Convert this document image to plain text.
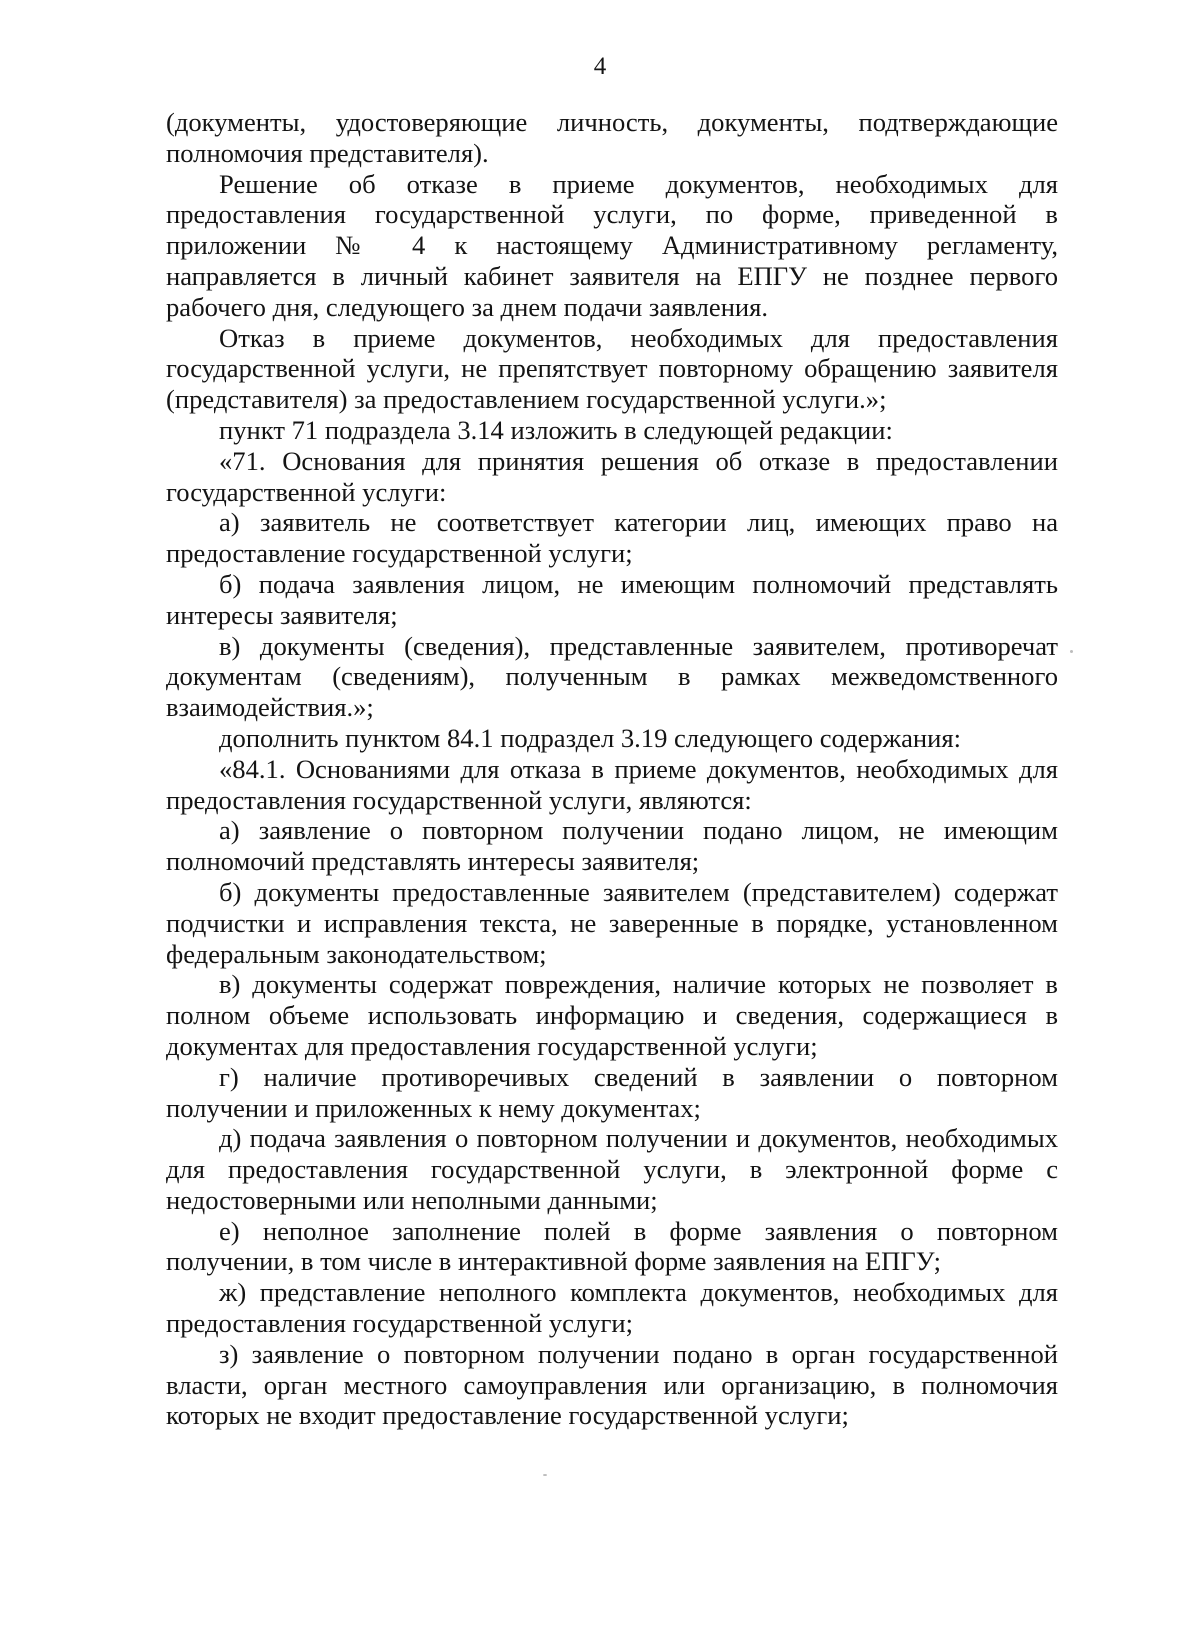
4

(документы, удостоверяющие личность, документы, подтверждающие полномочия представителя).

Решение об отказе в приеме документов, необходимых для предоставления государственной услуги, по форме, приведенной в приложении № 4 к настоящему Административному регламенту, направляется в личный кабинет заявителя на ЕПГУ не позднее первого рабочего дня, следующего за днем подачи заявления.

Отказ в приеме документов, необходимых для предоставления государственной услуги, не препятствует повторному обращению заявителя (представителя) за предоставлением государственной услуги.»;

пункт 71 подраздела 3.14 изложить в следующей редакции:

«71. Основания для принятия решения об отказе в предоставлении государственной услуги:

а) заявитель не соответствует категории лиц, имеющих право на предоставление государственной услуги;

б) подача заявления лицом, не имеющим полномочий представлять интересы заявителя;

в) документы (сведения), представленные заявителем, противоречат документам (сведениям), полученным в рамках межведомственного взаимодействия.»;

дополнить пунктом 84.1 подраздел 3.19 следующего содержания:

«84.1. Основаниями для отказа в приеме документов, необходимых для предоставления государственной услуги, являются:

а) заявление о повторном получении подано лицом, не имеющим полномочий представлять интересы заявителя;

б) документы предоставленные заявителем (представителем) содержат подчистки и исправления текста, не заверенные в порядке, установленном федеральным законодательством;

в) документы содержат повреждения, наличие которых не позволяет в полном объеме использовать информацию и сведения, содержащиеся в документах для предоставления государственной услуги;

г) наличие противоречивых сведений в заявлении о повторном получении и приложенных к нему документах;

д) подача заявления о повторном получении и документов, необходимых для предоставления государственной услуги, в электронной форме с недостоверными или неполными данными;

е) неполное заполнение полей в форме заявления о повторном получении, в том числе в интерактивной форме заявления на ЕПГУ;

ж) представление неполного комплекта документов, необходимых для предоставления государственной услуги;

з) заявление о повторном получении подано в орган государственной власти, орган местного самоуправления или организацию, в полномочия которых не входит предоставление государственной услуги;
